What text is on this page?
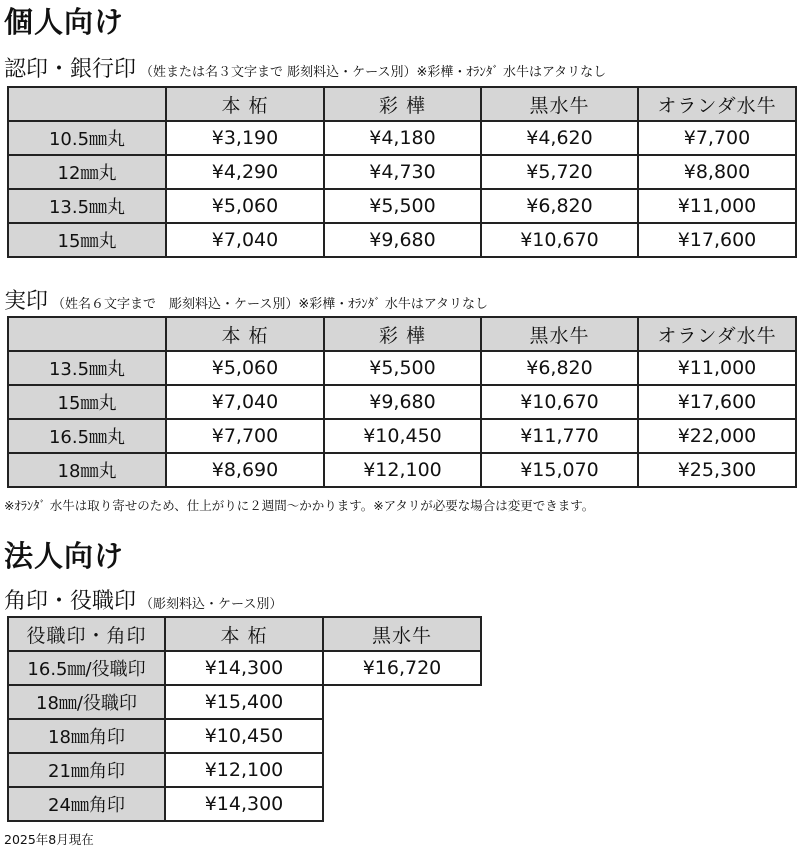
個人向け
認印・銀行印 （姓または名３文字まで 彫刻料込・ケース別）※彩樺・ｵﾗﾝﾀﾞ 水牛はアタリなし
	本 柘	彩 樺	黒水牛	オランダ水牛
10.5㎜丸	¥3,190	¥4,180	¥4,620	¥7,700
12㎜丸	¥4,290	¥4,730	¥5,720	¥8,800
13.5㎜丸	¥5,060	¥5,500	¥6,820	¥11,000
15㎜丸	¥7,040	¥9,680	¥10,670	¥17,600
実印 （姓名６文字まで　彫刻料込・ケース別）※彩樺・ｵﾗﾝﾀﾞ 水牛はアタリなし
	本 柘	彩 樺	黒水牛	オランダ水牛
13.5㎜丸	¥5,060	¥5,500	¥6,820	¥11,000
15㎜丸	¥7,040	¥9,680	¥10,670	¥17,600
16.5㎜丸	¥7,700	¥10,450	¥11,770	¥22,000
18㎜丸	¥8,690	¥12,100	¥15,070	¥25,300
※ｵﾗﾝﾀﾞ 水牛は取り寄せのため、仕上がりに２週間～かかります。※アタリが必要な場合は変更できます。
法人向け
角印・役職印 （彫刻料込・ケース別）
役職印・角印	本 柘	黒水牛
16.5㎜/役職印	¥14,300	¥16,720
18㎜/役職印	¥15,400	
18㎜角印	¥10,450	
21㎜角印	¥12,100	
24㎜角印	¥14,300	
2025年8月現在
